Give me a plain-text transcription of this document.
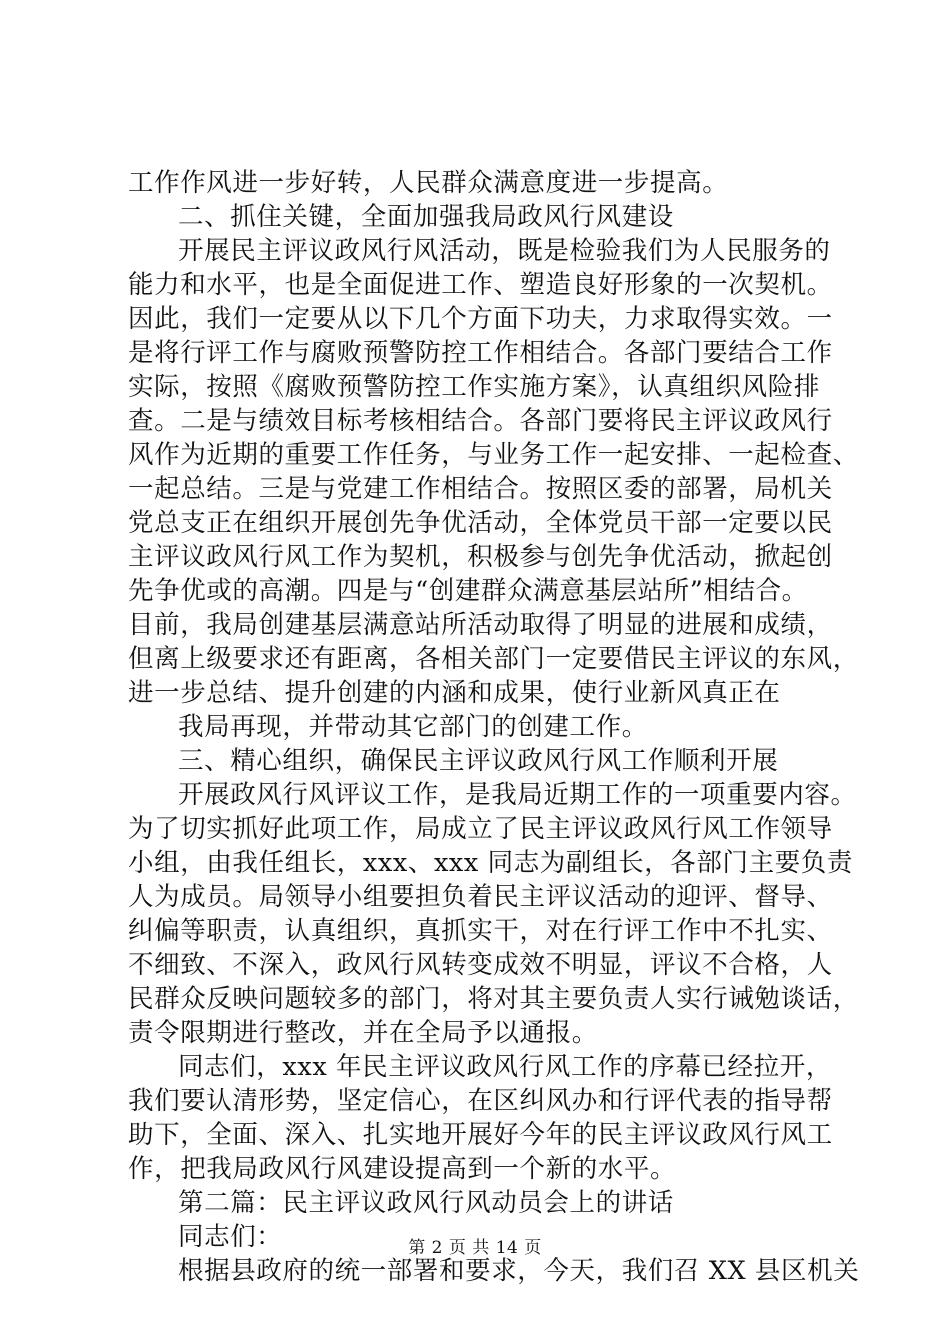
工作作风进一步好转，人民群众满意度进一步提高。
二、抓住关键，全面加强我局政风行风建设
开展民主评议政风行风活动，既是检验我们为人民服务的
能力和水平，也是全面促进工作、塑造良好形象的一次契机。
因此，我们一定要从以下几个方面下功夫，力求取得实效。一
是将行评工作与腐败预警防控工作相结合。各部门要结合工作
实际，按照《腐败预警防控工作实施方案》，认真组织风险排
查。二是与绩效目标考核相结合。各部门要将民主评议政风行
风作为近期的重要工作任务，与业务工作一起安排、一起检查、
一起总结。三是与党建工作相结合。按照区委的部署，局机关
党总支正在组织开展创先争优活动，全体党员干部一定要以民
主评议政风行风工作为契机，积极参与创先争优活动，掀起创
先争优或的高潮。四是与“创建群众满意基层站所”相结合。
目前，我局创建基层满意站所活动取得了明显的进展和成绩，
但离上级要求还有距离，各相关部门一定要借民主评议的东风，
进一步总结、提升创建的内涵和成果，使行业新风真正在
我局再现，并带动其它部门的创建工作。
三、精心组织，确保民主评议政风行风工作顺利开展
开展政风行风评议工作，是我局近期工作的一项重要内容。
为了切实抓好此项工作，局成立了民主评议政风行风工作领导
小组，由我任组长，xxx、xxx 同志为副组长，各部门主要负责
人为成员。局领导小组要担负着民主评议活动的迎评、督导、
纠偏等职责，认真组织，真抓实干，对在行评工作中不扎实、
不细致、不深入，政风行风转变成效不明显，评议不合格，人
民群众反映问题较多的部门，将对其主要负责人实行诫勉谈话，
责令限期进行整改，并在全局予以通报。
同志们，xxx 年民主评议政风行风工作的序幕已经拉开，
我们要认清形势，坚定信心，在区纠风办和行评代表的指导帮
助下，全面、深入、扎实地开展好今年的民主评议政风行风工
作，把我局政风行风建设提高到一个新的水平。
第二篇：民主评议政风行风动员会上的讲话
同志们：
根据县政府的统一部署和要求，今天，我们召 XX 县区机关
第 2 页 共 14 页
